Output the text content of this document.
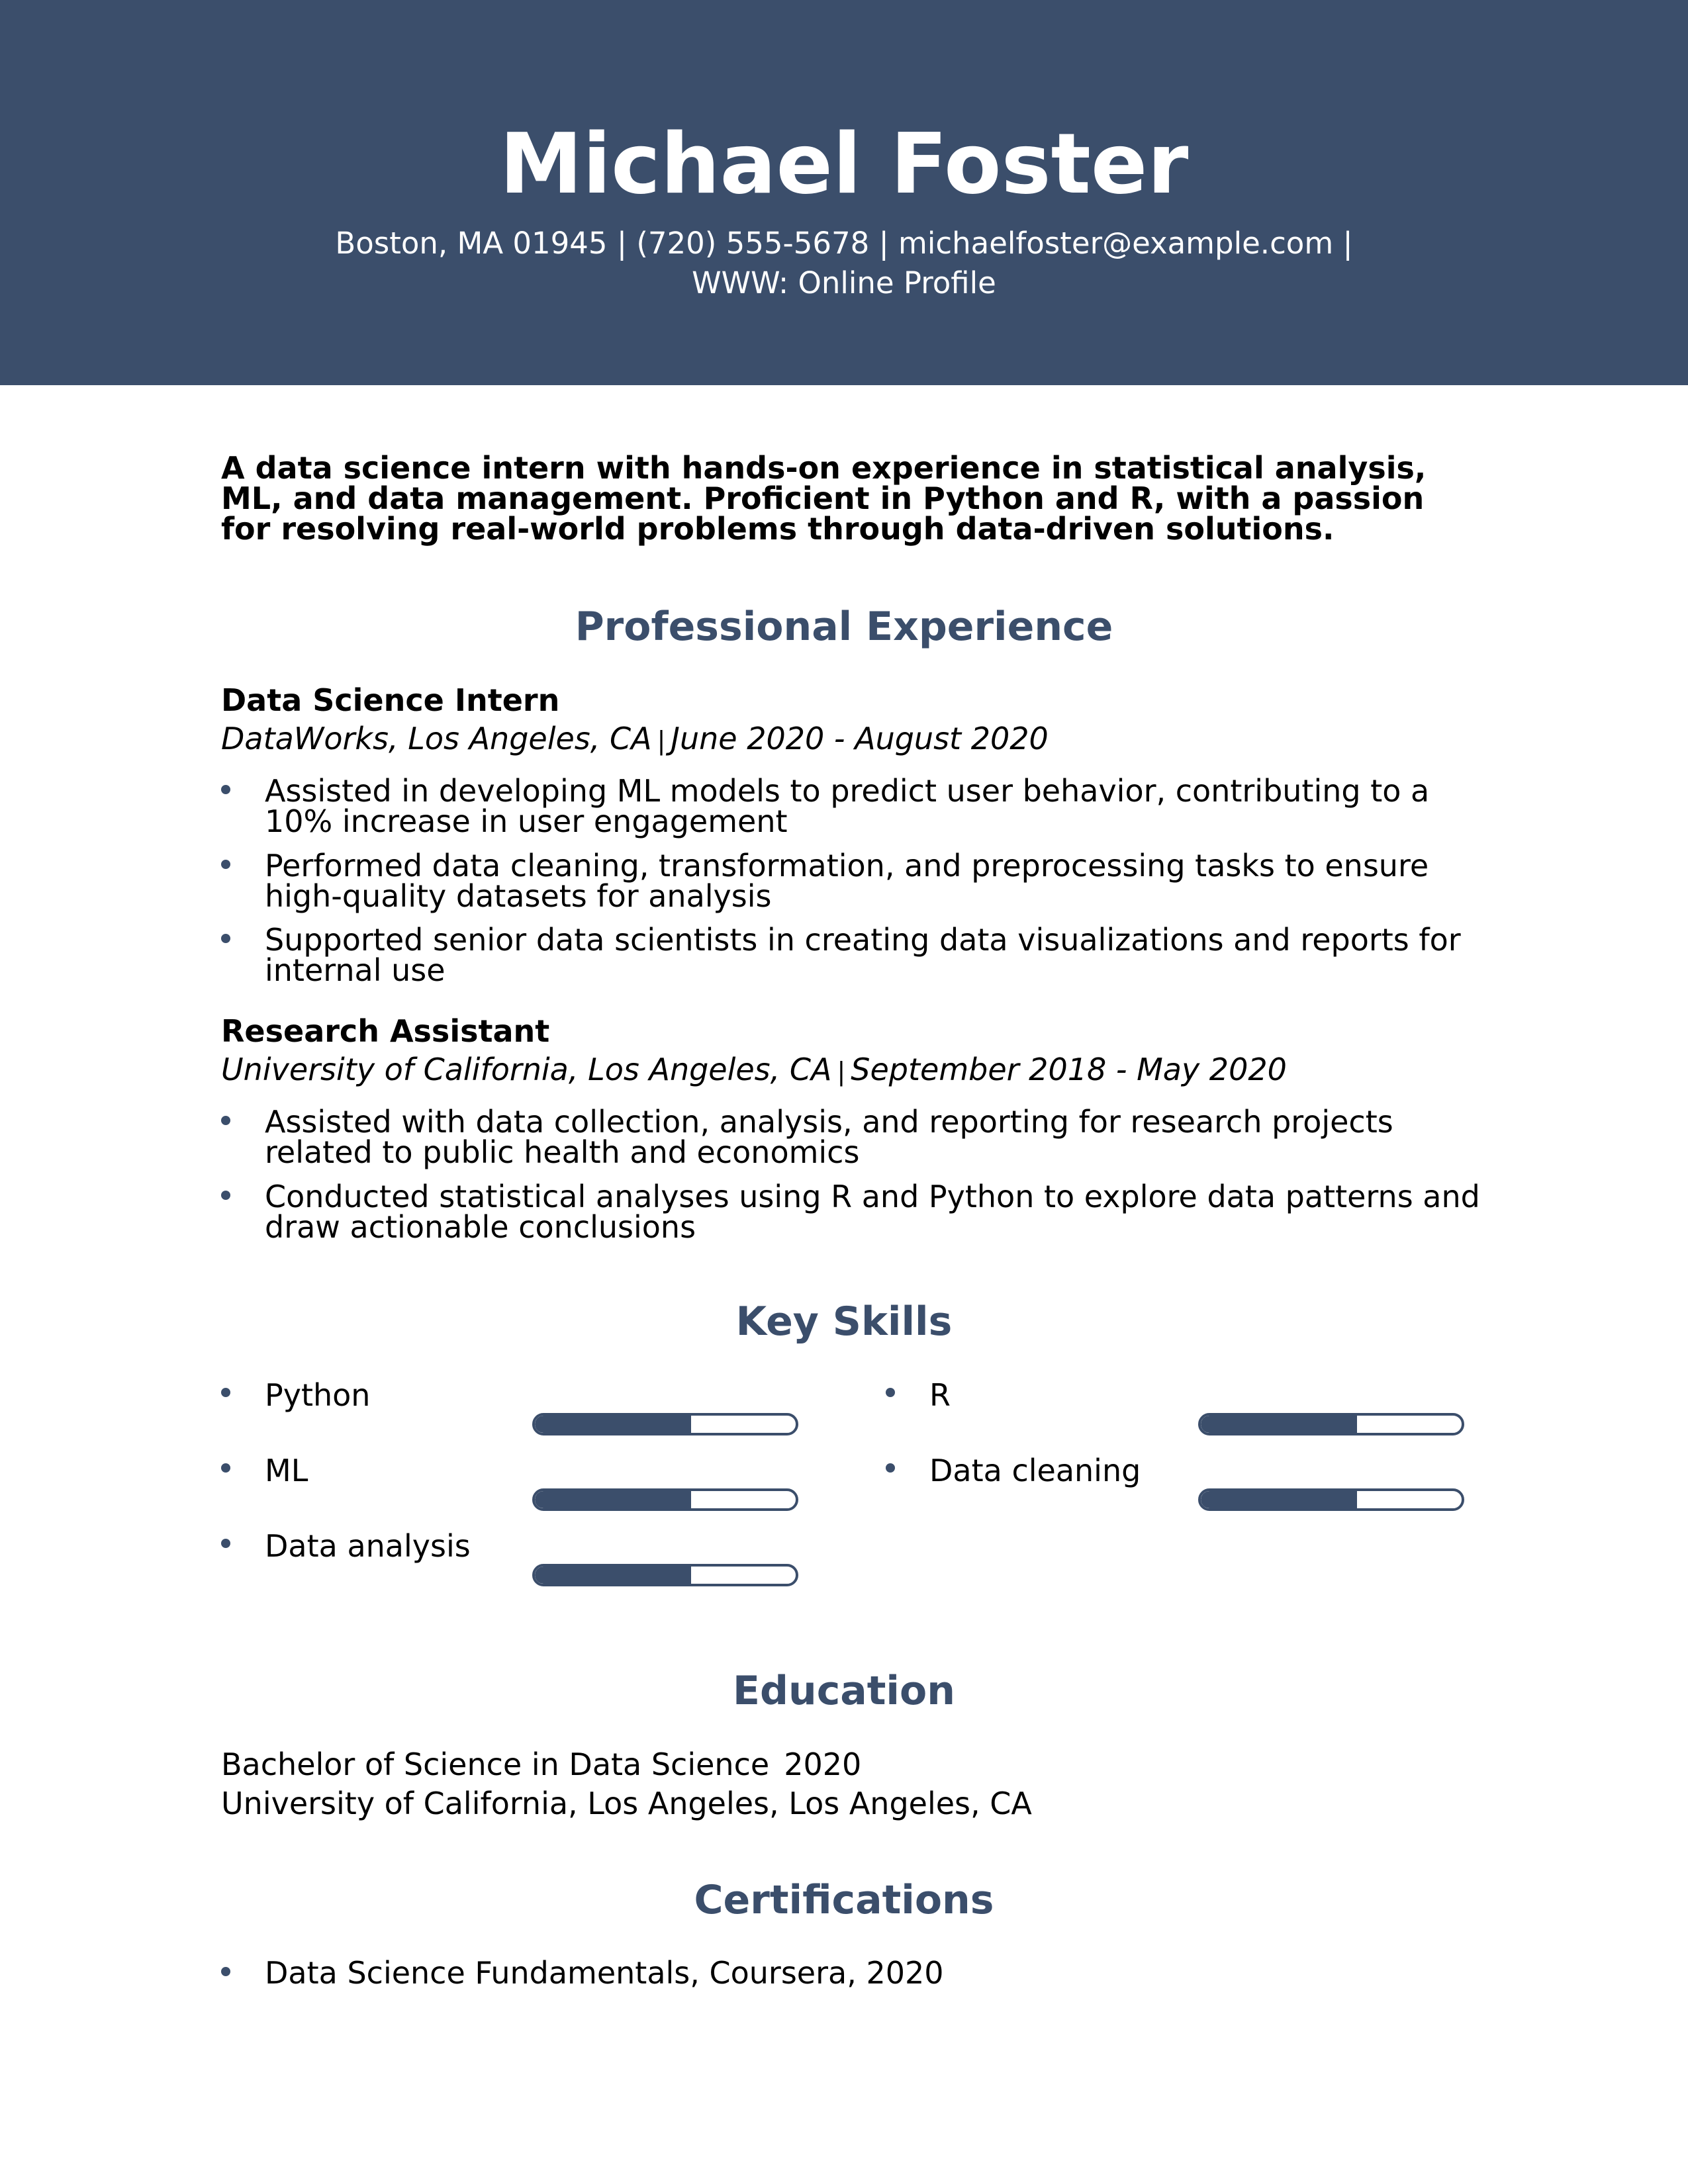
Michael Foster
Boston, MA 01945 | (720) 555-5678 | michaelfoster@example.com |
WWW: Online Profile
A data science intern with hands-on experience in statistical analysis, ML, and data management. Proficient in Python and R, with a passion for resolving real-world problems through data-driven solutions.
Professional Experience
Data Science Intern
DataWorks, Los Angeles, CA | June 2020 - August 2020
Assisted in developing ML models to predict user behavior, contributing to a 10% increase in user engagement
Performed data cleaning, transformation, and preprocessing tasks to ensure high-quality datasets for analysis
Supported senior data scientists in creating data visualizations and reports for internal use
Research Assistant
University of California, Los Angeles, CA | September 2018 - May 2020
Assisted with data collection, analysis, and reporting for research projects related to public health and economics
Conducted statistical analyses using R and Python to explore data patterns and draw actionable conclusions
Key Skills
Python	R
ML	Data cleaning
Data analysis
Education
Bachelor of Science in Data Science 2020
University of California, Los Angeles, Los Angeles, CA
Certifications
Data Science Fundamentals, Coursera, 2020
